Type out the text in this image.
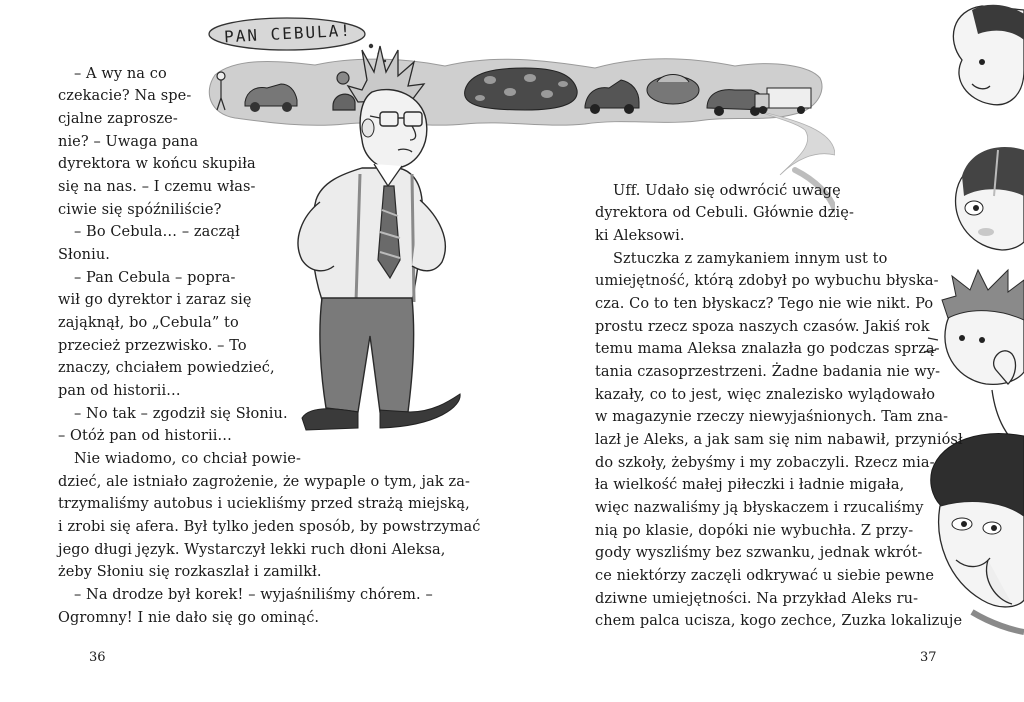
PAN CEBULA!

– A wy na co

czekacie? Na spe-

cjalne zaprosze-

nie? – Uwaga pana

dyrektora w końcu skupiła

się na nas. – I czemu włas-

ciwie się spóźniliście?

– Bo Cebula… – zaczął

Słoniu.

– Pan Cebula – popra-

wił go dyrektor i zaraz się

zająknął, bo „Cebula” to

przecież przezwisko. – To

znaczy, chciałem powiedzieć,

pan od historii…

– No tak – zgodził się Słoniu.

– Otóż pan od historii…

Nie wiadomo, co chciał powie-

dzieć, ale istniało zagrożenie, że wypaple o tym, jak za-

trzymaliśmy autobus i uciekliśmy przed strażą miejską,

i zrobi się afera. Był tylko jeden sposób, by powstrzymać

jego długi język. Wystarczył lekki ruch dłoni Aleksa,

żeby Słoniu się rozkaszlał i zamilkł.

– Na drodze był korek! – wyjaśniliśmy chórem. –

Ogromny! I nie dało się go ominąć.

36

Uff. Udało się odwrócić uwagę

dyrektora od Cebuli. Głównie dzię-

ki Aleksowi.

Sztuczka z zamykaniem innym ust to

umiejętność, którą zdobył po wybuchu błyska-

cza. Co to ten błyskacz? Tego nie wie nikt. Po

prostu rzecz spoza naszych czasów. Jakiś rok

temu mama Aleksa znalazła go podczas sprzą-

tania czasoprzestrzeni. Żadne badania nie wy-

kazały, co to jest, więc znalezisko wylądowało

w magazynie rzeczy niewyjaśnionych. Tam zna-

lazł je Aleks, a jak sam się nim nabawił, przyniósł

do szkoły, żebyśmy i my zobaczyli. Rzecz mia-

ła wielkość małej piłeczki i ładnie migała,

więc nazwaliśmy ją błyskaczem i rzucaliśmy

nią po klasie, dopóki nie wybuchła. Z przy-

gody wyszliśmy bez szwanku, jednak wkrót-

ce niektórzy zaczęli odkrywać u siebie pewne

dziwne umiejętności. Na przykład Aleks ru-

chem palca ucisza, kogo zechce, Zuzka lokalizuje

37
